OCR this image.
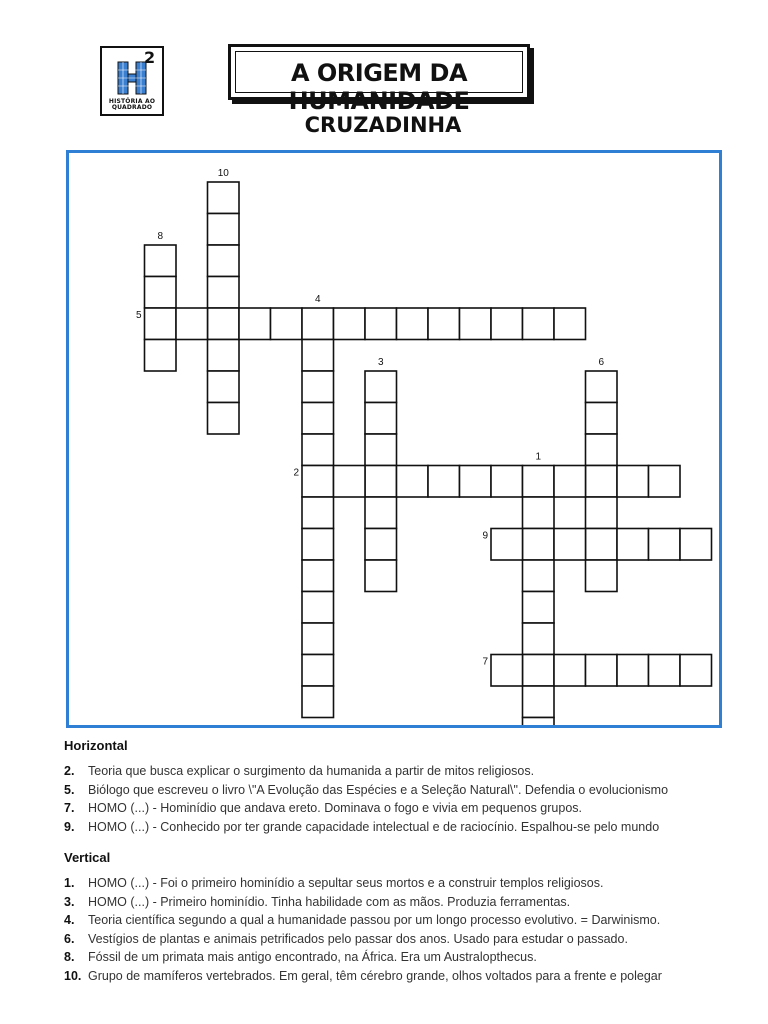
2
HISTÓRIA AO
QUADRADO
A ORIGEM DA HUMANIDADE
CRUZADINHA
10
8
5
4
3	6
2
1
9
7
Horizontal
2. Teoria que busca explicar o surgimento da humanida a partir de mitos religiosos.
5. Biólogo que escreveu o livro \"A Evolução das Espécies e a Seleção Natural\". Defendia o evolucionismo
7. HOMO (...) - Hominídio que andava ereto. Dominava o fogo e vivia em pequenos grupos.
9. HOMO (...) - Conhecido por ter grande capacidade intelectual e de raciocínio. Espalhou-se pelo mundo
Vertical
1. HOMO (...) - Foi o primeiro hominídio a sepultar seus mortos e a construir templos religiosos.
3. HOMO (...) - Primeiro hominídio. Tinha habilidade com as mãos. Produzia ferramentas.
4. Teoria científica segundo a qual a humanidade passou por um longo processo evolutivo. = Darwinismo.
6. Vestígios de plantas e animais petrificados pelo passar dos anos. Usado para estudar o passado.
8. Fóssil de um primata mais antigo encontrado, na África. Era um Australopthecus.
10. Grupo de mamíferos vertebrados. Em geral, têm cérebro grande, olhos voltados para a frente e polegar
